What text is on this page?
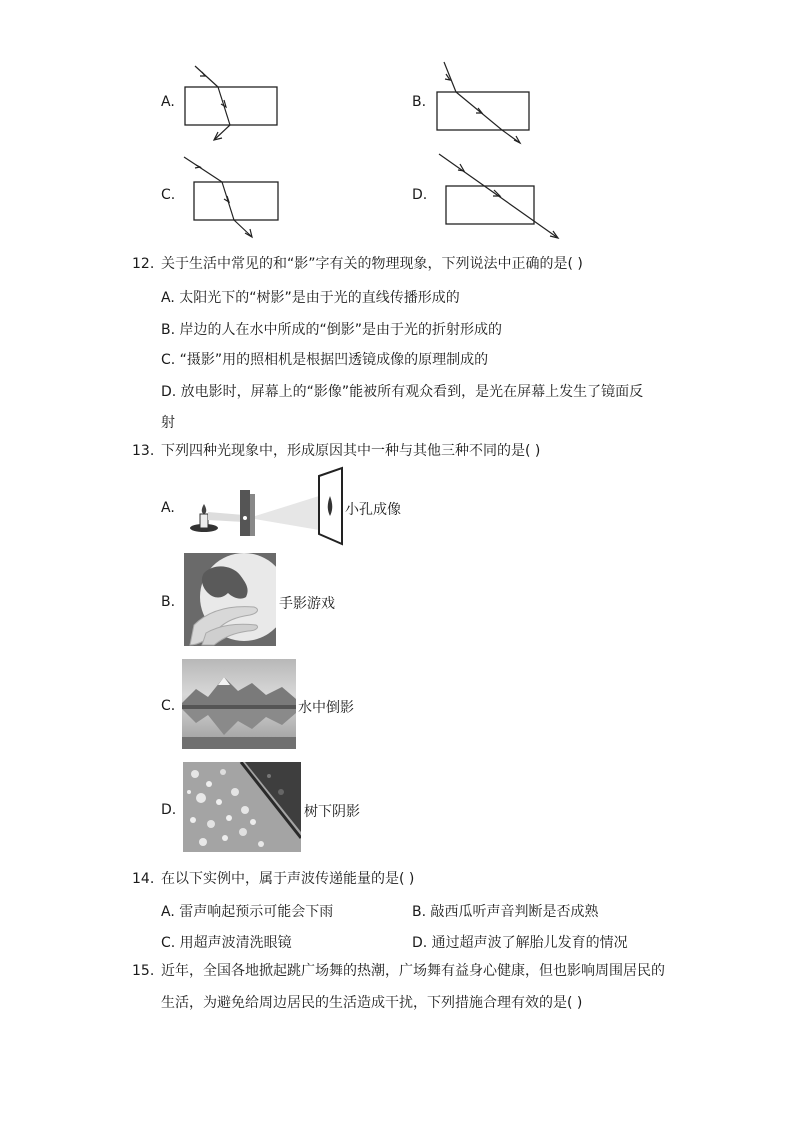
A.	B.
C.	D.
12. 关于生活中常见的和“影”字有关的物理现象，下列说法中正确的是( )
A. 太阳光下的“树影”是由于光的直线传播形成的
B. 岸边的人在水中所成的“倒影”是由于光的折射形成的
C. “摄影”用的照相机是根据凹透镜成像的原理制成的
D. 放电影时，屏幕上的“影像”能被所有观众看到，是光在屏幕上发生了镜面反
射
13. 下列四种光现象中，形成原因其中一种与其他三种不同的是( )
A.	小孔成像
B.	手影游戏
C.	水中倒影
D.	树下阴影
14. 在以下实例中，属于声波传递能量的是( )
A. 雷声响起预示可能会下雨	B. 敲西瓜听声音判断是否成熟
C. 用超声波清洗眼镜	D. 通过超声波了解胎儿发育的情况
15. 近年，全国各地掀起跳广场舞的热潮，广场舞有益身心健康，但也影响周围居民的
生活，为避免给周边居民的生活造成干扰，下列措施合理有效的是( )
